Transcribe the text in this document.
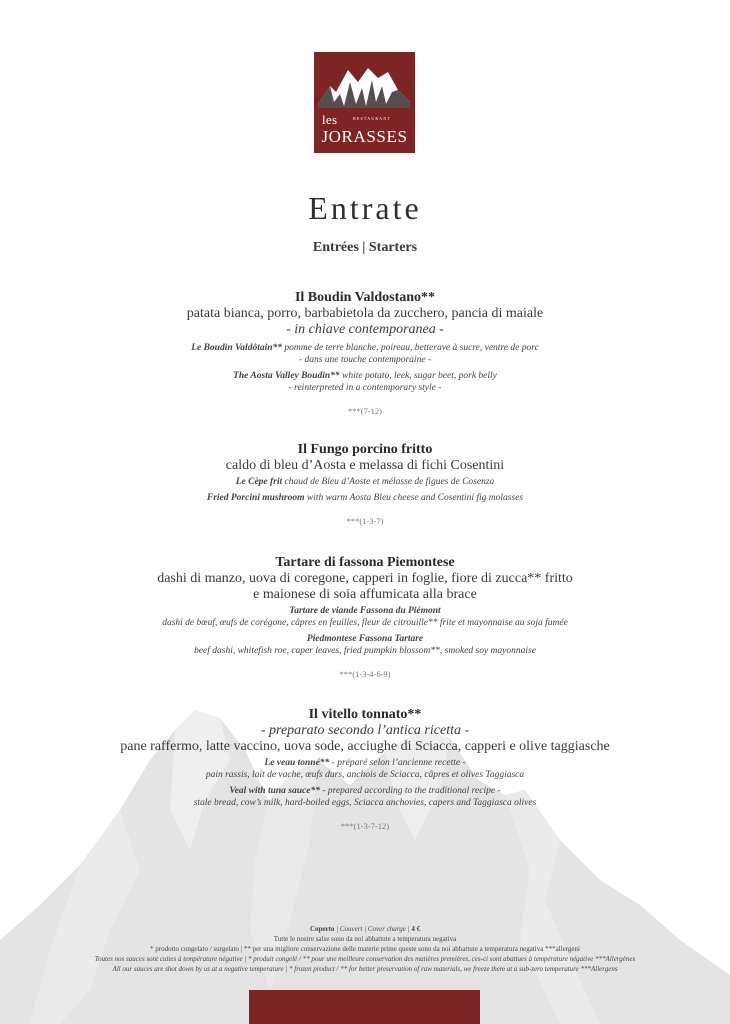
les	RESTAURANT
JORASSES
Entrate
Entrées | Starters
Il Boudin Valdostano**
patata bianca, porro, barbabietola da zucchero, pancia di maiale
- in chiave contemporanea -
Le Boudin Valdôtain** pomme de terre blanche, poireau, betterave à sucre, ventre de porc
- dans une touche contemporaine -
The Aosta Valley Boudin** white potato, leek, sugar beet, pork belly
- reinterpreted in a contemporary style -
***(7-12)
Il Fungo porcino fritto
caldo di bleu d’Aosta e melassa di fichi Cosentini
Le Cèpe frit chaud de Bleu d’Aoste et mélasse de figues de Cosenza
Fried Porcini mushroom with warm Aosta Bleu cheese and Cosentini fig molasses
***(1-3-7)
Tartare di fassona Piemontese
dashi di manzo, uova di coregone, capperi in foglie, fiore di zucca** fritto
e maionese di soia affumicata alla brace
Tartare de viande Fassona du Piémont
dashi de bœuf, œufs de corégone, câpres en feuilles, fleur de citrouille** frite et mayonnaise au soja fumée
Piedmontese Fassona Tartare
beef dashi, whitefish roe, caper leaves, fried pumpkin blossom**, smoked soy mayonnaise
***(1-3-4-6-9)
Il vitello tonnato**
- preparato secondo l’antica ricetta -
pane raffermo, latte vaccino, uova sode, acciughe di Sciacca, capperi e olive taggiasche
Le veau tonné** - préparé selon l’ancienne recette -
pain rassis, lait de vache, œufs durs, anchois de Sciacca, câpres et olives Taggiasca
Veal with tuna sauce** - prepared according to the traditional recipe -
stale bread, cow’s milk, hard-boiled eggs, Sciacca anchovies, capers and Taggiasca olives
***(1-3-7-12)
Coperto | Couvert | Cover charge | 4 €
Tutte le nostre salse sono da noi abbattute a temperatura negativa
* prodotto congelato / surgelato | ** per una migliore conservazione delle materie prime queste sono da noi abbattute a temperatura negativa ***allergeni
Toutes nos sauces sont cuites à température négative | * produit congelé / ** pour une meilleure conservation des matières premières, ces-ci sont abattues à température négative ***Allergènes
All our sauces are shot down by us at a negative temperature | * frozen product / ** for better preservation of raw materials, we freeze them at a sub-zero temperature ***Allergens
